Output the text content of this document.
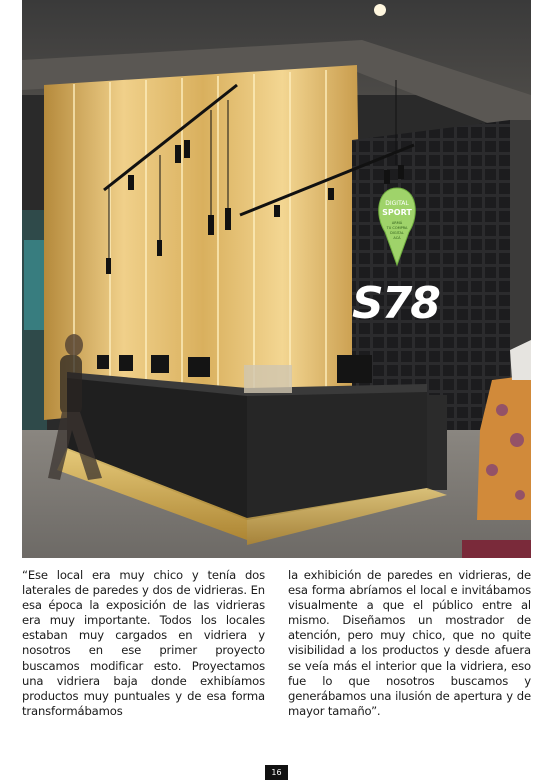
DIGITAL
SPORT
ARMÁ
TU COMPRA
DIGITAL
ACÁ
S78

“Ese local era muy chico y tenía dos laterales de paredes y dos de vidrieras. En esa época la exposición de las vidrieras era muy importante. Todos los locales estaban muy cargados en vidriera y nosotros en ese primer proyecto buscamos modificar esto. Proyectamos una vidriera baja donde exhibíamos productos muy puntuales y de esa forma transformábamos

la exhibición de paredes en vidrieras, de esa forma abríamos el local e invitábamos visualmente a que el público entre al mismo. Diseñamos un mostrador de atención, pero muy chico, que no quite visibilidad a los productos y desde afuera se veía más el interior que la vidriera, eso fue lo que nosotros buscamos y generábamos una ilusión de apertura y de mayor tamaño”.

16
